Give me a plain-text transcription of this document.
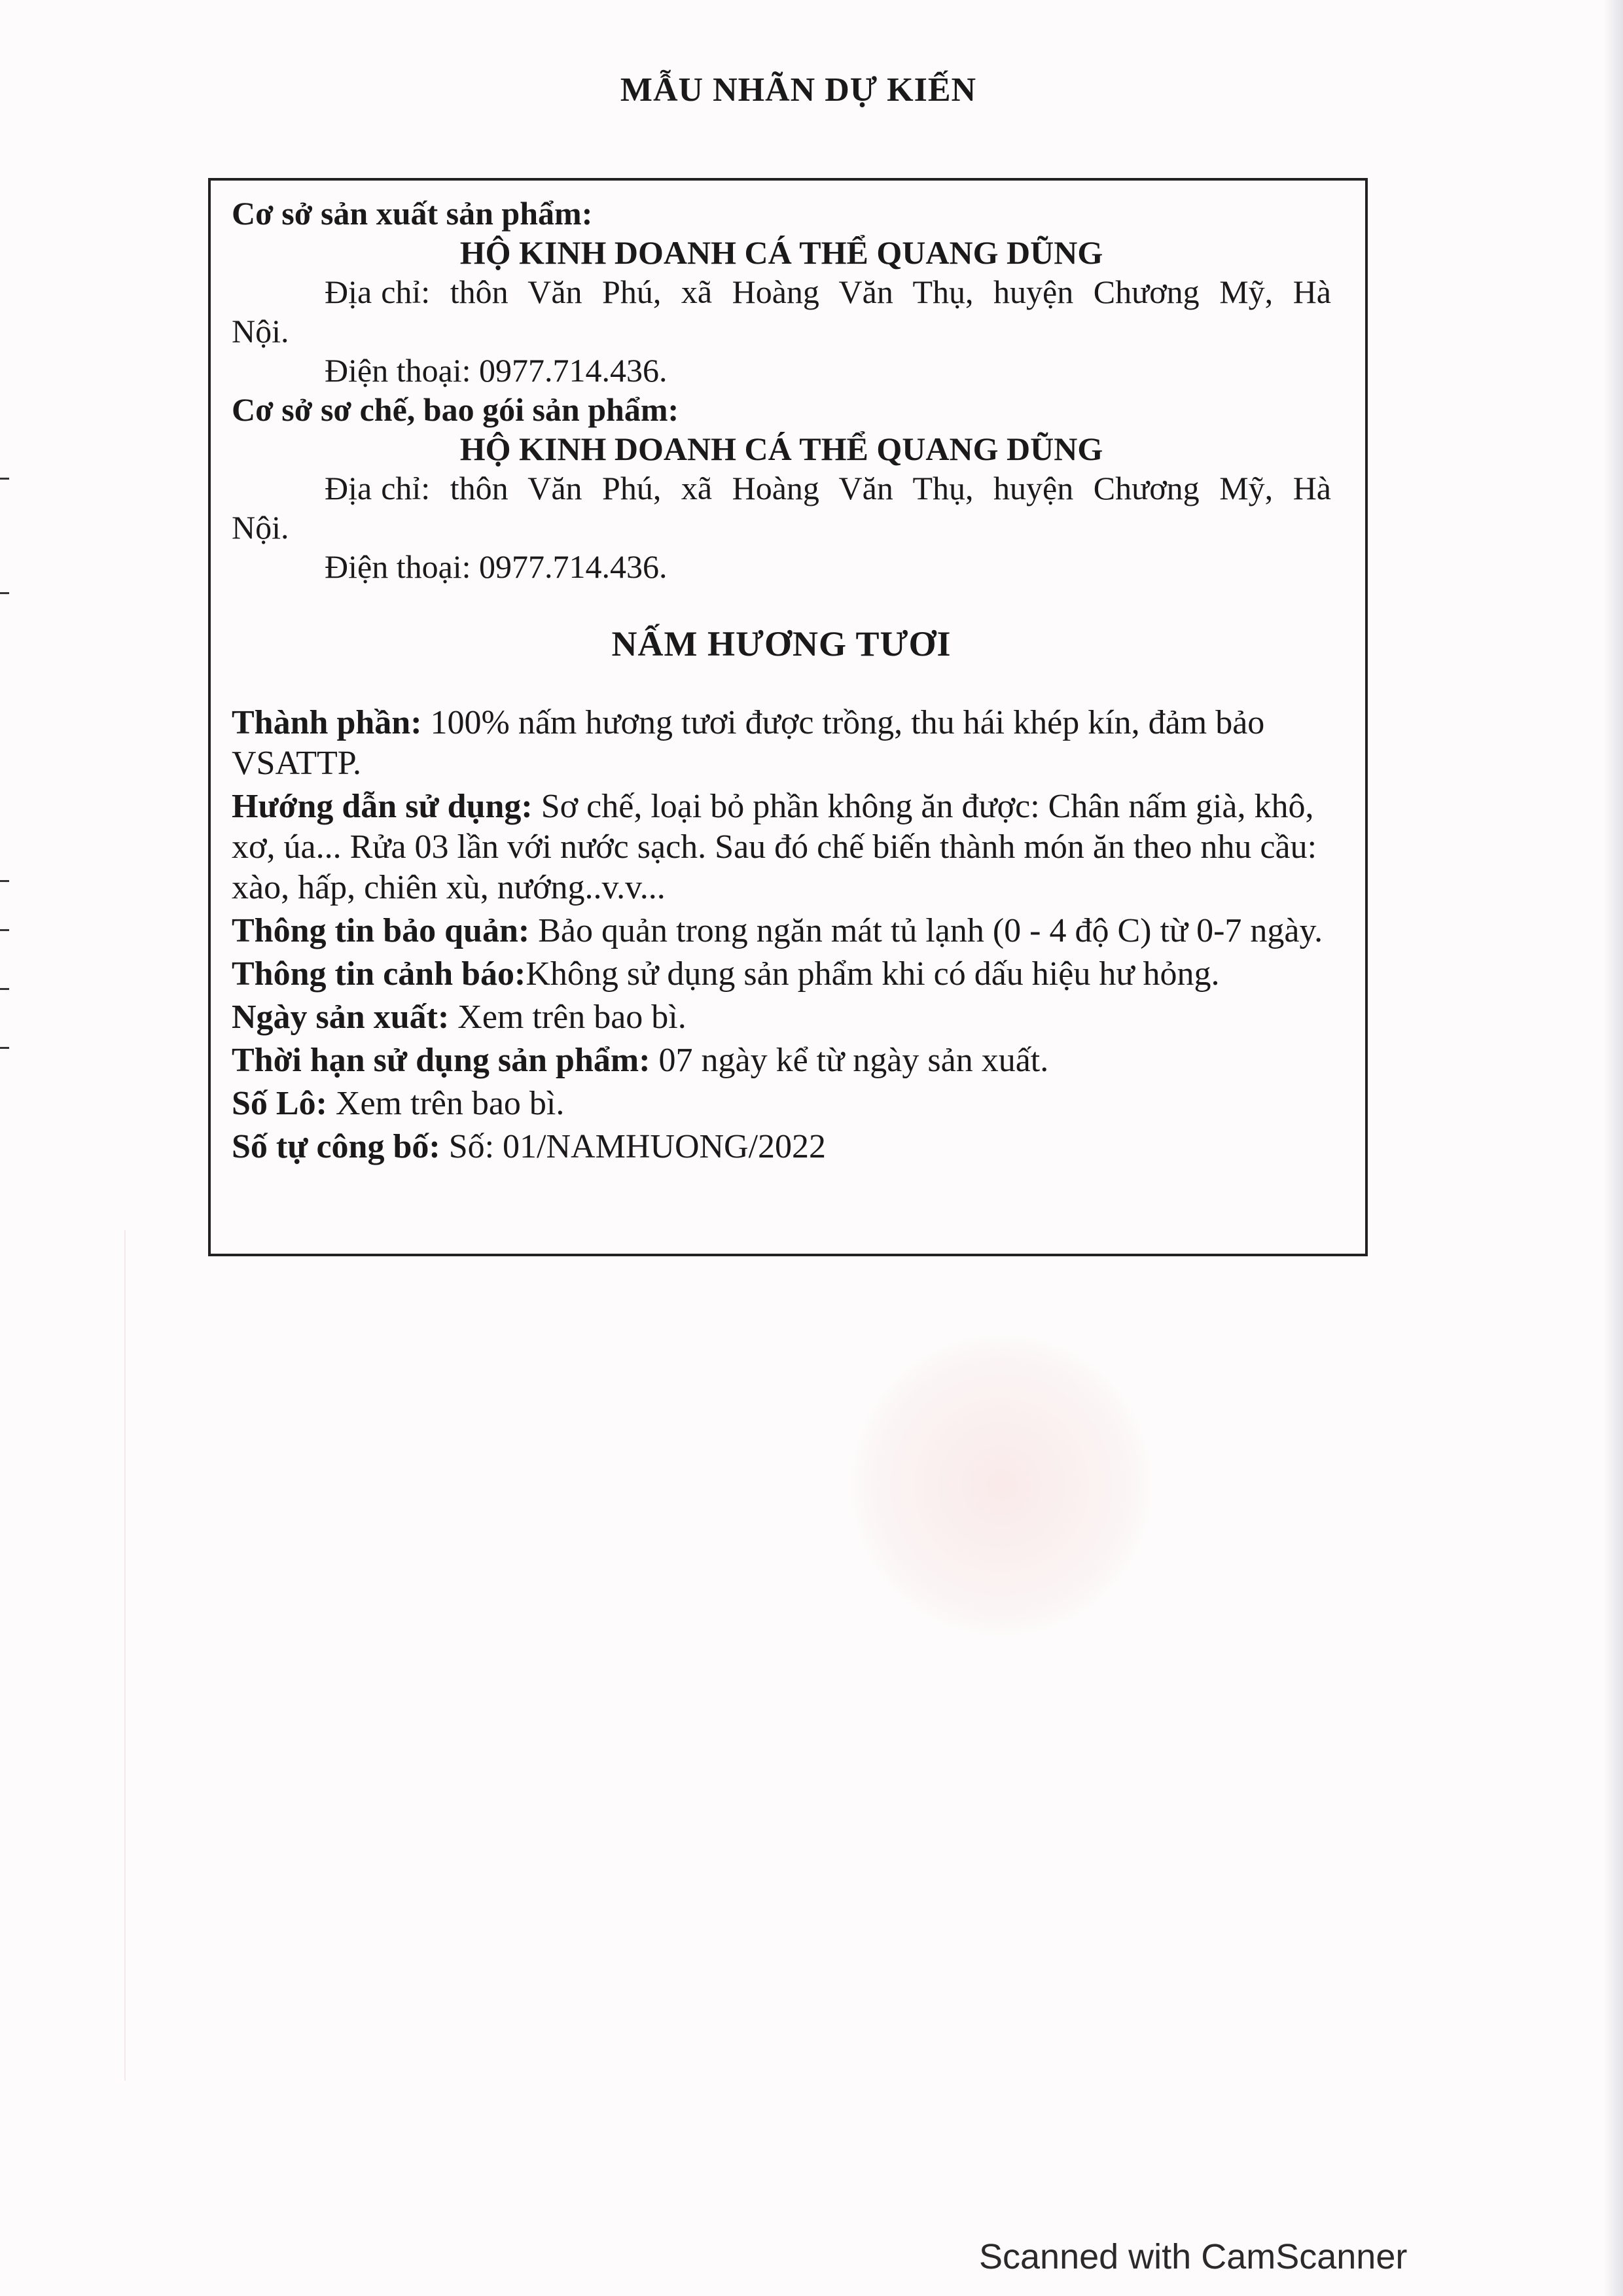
MẪU NHÃN DỰ KIẾN

Cơ sở sản xuất sản phẩm:

HỘ KINH DOANH CÁ THỂ QUANG DŨNG

Địa chỉ: thôn Văn Phú, xã Hoàng Văn Thụ, huyện Chương Mỹ, Hà

Nội.

Điện thoại: 0977.714.436.

Cơ sở sơ chế, bao gói sản phẩm:

HỘ KINH DOANH CÁ THỂ QUANG DŨNG

Địa chỉ: thôn Văn Phú, xã Hoàng Văn Thụ, huyện Chương Mỹ, Hà

Nội.

Điện thoại: 0977.714.436.

NẤM HƯƠNG TƯƠI

Thành phần: 100% nấm hương tươi được trồng, thu hái khép kín, đảm bảo VSATTP.

Hướng dẫn sử dụng: Sơ chế, loại bỏ phần không ăn được: Chân nấm già, khô, xơ, úa... Rửa 03 lần với nước sạch. Sau đó chế biến thành món ăn theo nhu cầu: xào, hấp, chiên xù, nướng..v.v...

Thông tin bảo quản: Bảo quản trong ngăn mát tủ lạnh (0 - 4 độ C) từ 0-7 ngày.

Thông tin cảnh báo:Không sử dụng sản phẩm khi có dấu hiệu hư hỏng.

Ngày sản xuất: Xem trên bao bì.

Thời hạn sử dụng sản phẩm: 07 ngày kể từ ngày sản xuất.

Số Lô: Xem trên bao bì.

Số tự công bố: Số: 01/NAMHUONG/2022

Scanned with CamScanner
